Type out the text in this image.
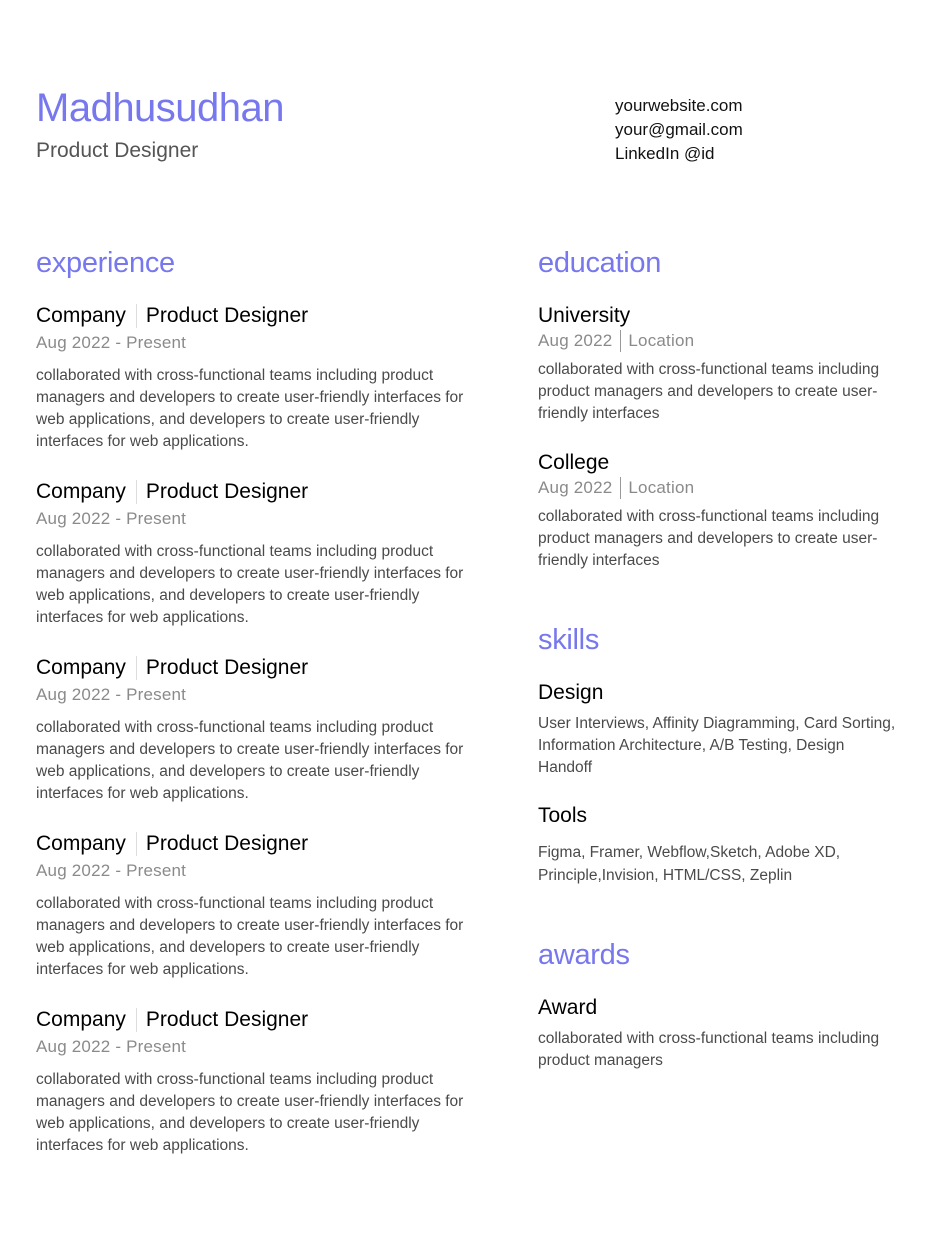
Madhusudhan
Product Designer
yourwebsite.com
your@gmail.com
LinkedIn @id
experience
Company Product Designer
Aug 2022 - Present
collaborated with cross-functional teams including product managers and developers to create user-friendly interfaces for web applications, and developers to create user-friendly interfaces for web applications.
Company Product Designer
Aug 2022 - Present
collaborated with cross-functional teams including product managers and developers to create user-friendly interfaces for web applications, and developers to create user-friendly interfaces for web applications.
Company Product Designer
Aug 2022 - Present
collaborated with cross-functional teams including product managers and developers to create user-friendly interfaces for web applications, and developers to create user-friendly interfaces for web applications.
Company Product Designer
Aug 2022 - Present
collaborated with cross-functional teams including product managers and developers to create user-friendly interfaces for web applications, and developers to create user-friendly interfaces for web applications.
Company Product Designer
Aug 2022 - Present
collaborated with cross-functional teams including product managers and developers to create user-friendly interfaces for web applications, and developers to create user-friendly interfaces for web applications.
education
University
Aug 2022 Location
collaborated with cross-functional teams including product managers and developers to create user-friendly interfaces
College
Aug 2022 Location
collaborated with cross-functional teams including product managers and developers to create user-friendly interfaces
skills
Design
User Interviews, Affinity Diagramming, Card Sorting, Information Architecture, A/B Testing, Design Handoff
Tools
Figma, Framer, Webflow,Sketch, Adobe XD, Principle,Invision, HTML/CSS, Zeplin
awards
Award
collaborated with cross-functional teams including product managers
